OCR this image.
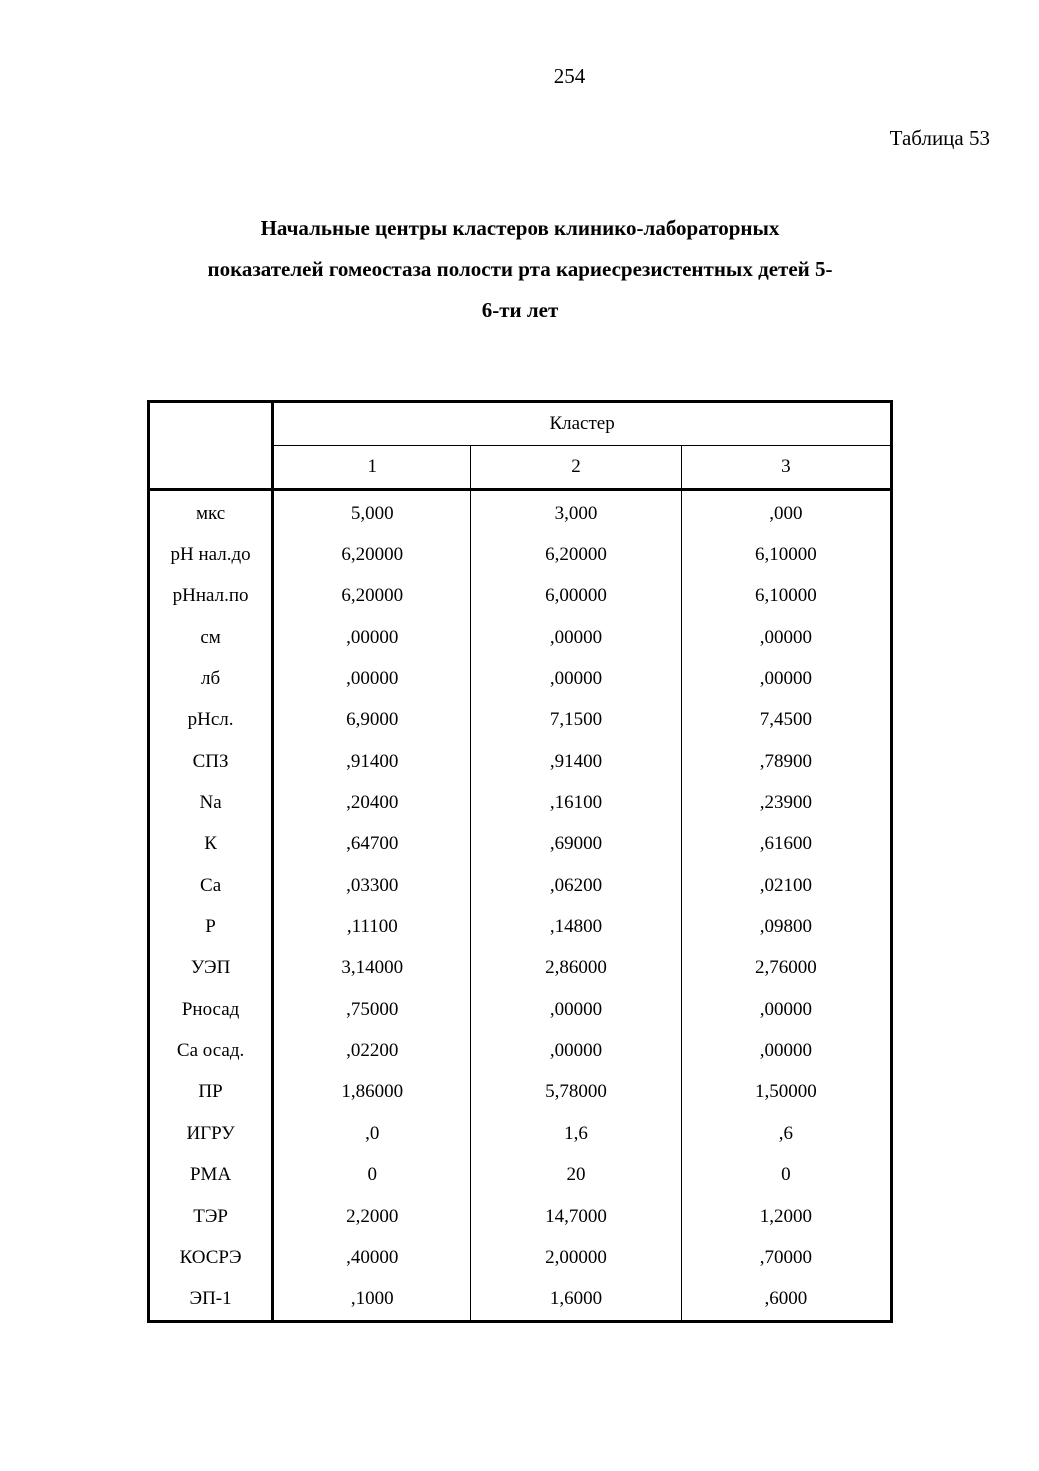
254
Таблица 53
Начальные центры кластеров клинико-лабораторных
показателей гомеостаза полости рта кариесрезистентных детей 5-
6-ти лет
	Кластер		
	1	2	3
мкс	5,000	3,000	,000
pH нал.до	6,20000	6,20000	6,10000
pHнал.по	6,20000	6,00000	6,10000
см	,00000	,00000	,00000
лб	,00000	,00000	,00000
pHсл.	6,9000	7,1500	7,4500
СПЗ	,91400	,91400	,78900
Na	,20400	,16100	,23900
К	,64700	,69000	,61600
Ca	,03300	,06200	,02100
Р	,11100	,14800	,09800
УЭП	3,14000	2,86000	2,76000
Рносад	,75000	,00000	,00000
Са осад.	,02200	,00000	,00000
ПР	1,86000	5,78000	1,50000
ИГРУ	,0	1,6	,6
РМА	0	20	0
ТЭР	2,2000	14,7000	1,2000
КОСРЭ	,40000	2,00000	,70000
ЭП-1	,1000	1,6000	,6000
